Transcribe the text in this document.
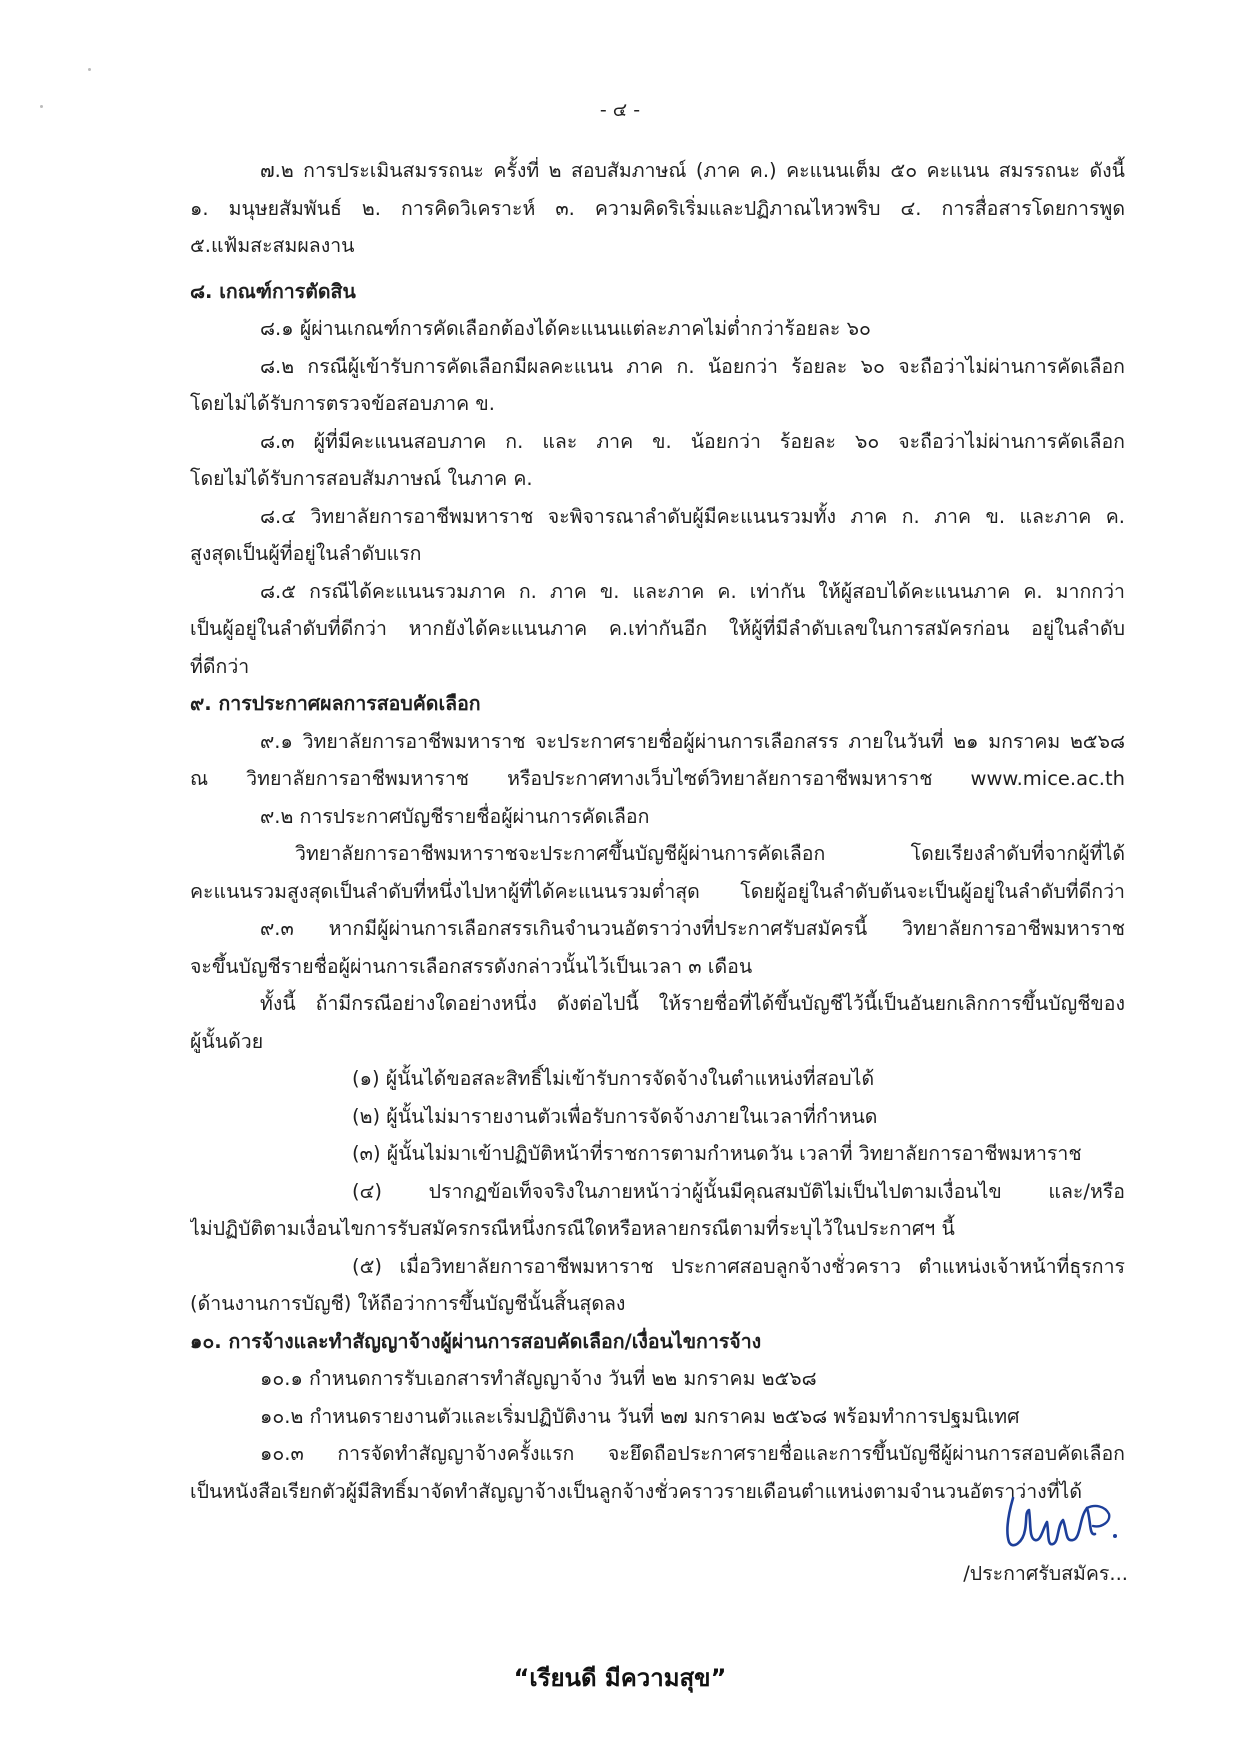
- ๔ -
๗.๒ การประเมินสมรรถนะ ครั้งที่ ๒ สอบสัมภาษณ์ (ภาค ค.) คะแนนเต็ม ๕๐ คะแนน สมรรถนะ ดังนี้
๑. มนุษยสัมพันธ์ ๒. การคิดวิเคราะห์ ๓. ความคิดริเริ่มและปฏิภาณไหวพริบ ๔. การสื่อสารโดยการพูด
๕.แฟ้มสะสมผลงาน
๘. เกณฑ์การตัดสิน
๘.๑ ผู้ผ่านเกณฑ์การคัดเลือกต้องได้คะแนนแต่ละภาคไม่ต่ำกว่าร้อยละ ๖๐
๘.๒ กรณีผู้เข้ารับการคัดเลือกมีผลคะแนน ภาค ก. น้อยกว่า ร้อยละ ๖๐ จะถือว่าไม่ผ่านการคัดเลือก
โดยไม่ได้รับการตรวจข้อสอบภาค ข.
๘.๓ ผู้ที่มีคะแนนสอบภาค ก. และ ภาค ข. น้อยกว่า ร้อยละ ๖๐ จะถือว่าไม่ผ่านการคัดเลือก
โดยไม่ได้รับการสอบสัมภาษณ์ ในภาค ค.
๘.๔ วิทยาลัยการอาชีพมหาราช จะพิจารณาลำดับผู้มีคะแนนรวมทั้ง ภาค ก. ภาค ข. และภาค ค.
สูงสุดเป็นผู้ที่อยู่ในลำดับแรก
๘.๕ กรณีได้คะแนนรวมภาค ก. ภาค ข. และภาค ค. เท่ากัน ให้ผู้สอบได้คะแนนภาค ค. มากกว่า
เป็นผู้อยู่ในลำดับที่ดีกว่า หากยังได้คะแนนภาค ค.เท่ากันอีก ให้ผู้ที่มีลำดับเลขในการสมัครก่อน อยู่ในลำดับ
ที่ดีกว่า
๙. การประกาศผลการสอบคัดเลือก
๙.๑ วิทยาลัยการอาชีพมหาราช จะประกาศรายชื่อผู้ผ่านการเลือกสรร ภายในวันที่ ๒๑ มกราคม ๒๕๖๘
ณ วิทยาลัยการอาชีพมหาราช หรือประกาศทางเว็บไซต์วิทยาลัยการอาชีพมหาราช www.mice.ac.th
๙.๒ การประกาศบัญชีรายชื่อผู้ผ่านการคัดเลือก
วิทยาลัยการอาชีพมหาราชจะประกาศขึ้นบัญชีผู้ผ่านการคัดเลือก โดยเรียงลำดับที่จากผู้ที่ได้
คะแนนรวมสูงสุดเป็นลำดับที่หนึ่งไปหาผู้ที่ได้คะแนนรวมต่ำสุด โดยผู้อยู่ในลำดับต้นจะเป็นผู้อยู่ในลำดับที่ดีกว่า
๙.๓ หากมีผู้ผ่านการเลือกสรรเกินจำนวนอัตราว่างที่ประกาศรับสมัครนี้ วิทยาลัยการอาชีพมหาราช
จะขึ้นบัญชีรายชื่อผู้ผ่านการเลือกสรรดังกล่าวนั้นไว้เป็นเวลา ๓ เดือน
ทั้งนี้ ถ้ามีกรณีอย่างใดอย่างหนึ่ง ดังต่อไปนี้ ให้รายชื่อที่ได้ขึ้นบัญชีไว้นี้เป็นอันยกเลิกการขึ้นบัญชีของ
ผู้นั้นด้วย
(๑) ผู้นั้นได้ขอสละสิทธิ์ไม่เข้ารับการจัดจ้างในตำแหน่งที่สอบได้
(๒) ผู้นั้นไม่มารายงานตัวเพื่อรับการจัดจ้างภายในเวลาที่กำหนด
(๓) ผู้นั้นไม่มาเข้าปฏิบัติหน้าที่ราชการตามกำหนดวัน เวลาที่ วิทยาลัยการอาชีพมหาราช
(๔) ปรากฏข้อเท็จจริงในภายหน้าว่าผู้นั้นมีคุณสมบัติไม่เป็นไปตามเงื่อนไข และ/หรือ
ไม่ปฏิบัติตามเงื่อนไขการรับสมัครกรณีหนึ่งกรณีใดหรือหลายกรณีตามที่ระบุไว้ในประกาศฯ นี้
(๕) เมื่อวิทยาลัยการอาชีพมหาราช ประกาศสอบลูกจ้างชั่วคราว ตำแหน่งเจ้าหน้าที่ธุรการ
(ด้านงานการบัญชี) ให้ถือว่าการขึ้นบัญชีนั้นสิ้นสุดลง
๑๐. การจ้างและทำสัญญาจ้างผู้ผ่านการสอบคัดเลือก/เงื่อนไขการจ้าง
๑๐.๑ กำหนดการรับเอกสารทำสัญญาจ้าง วันที่ ๒๒ มกราคม ๒๕๖๘
๑๐.๒ กำหนดรายงานตัวและเริ่มปฏิบัติงาน วันที่ ๒๗ มกราคม ๒๕๖๘ พร้อมทำการปฐมนิเทศ
๑๐.๓ การจัดทำสัญญาจ้างครั้งแรก จะยึดถือประกาศรายชื่อและการขึ้นบัญชีผู้ผ่านการสอบคัดเลือก
เป็นหนังสือเรียกตัวผู้มีสิทธิ์มาจัดทำสัญญาจ้างเป็นลูกจ้างชั่วคราวรายเดือนตำแหน่งตามจำนวนอัตราว่างที่ได้
/ประกาศรับสมัคร...
“เรียนดี มีความสุข”
